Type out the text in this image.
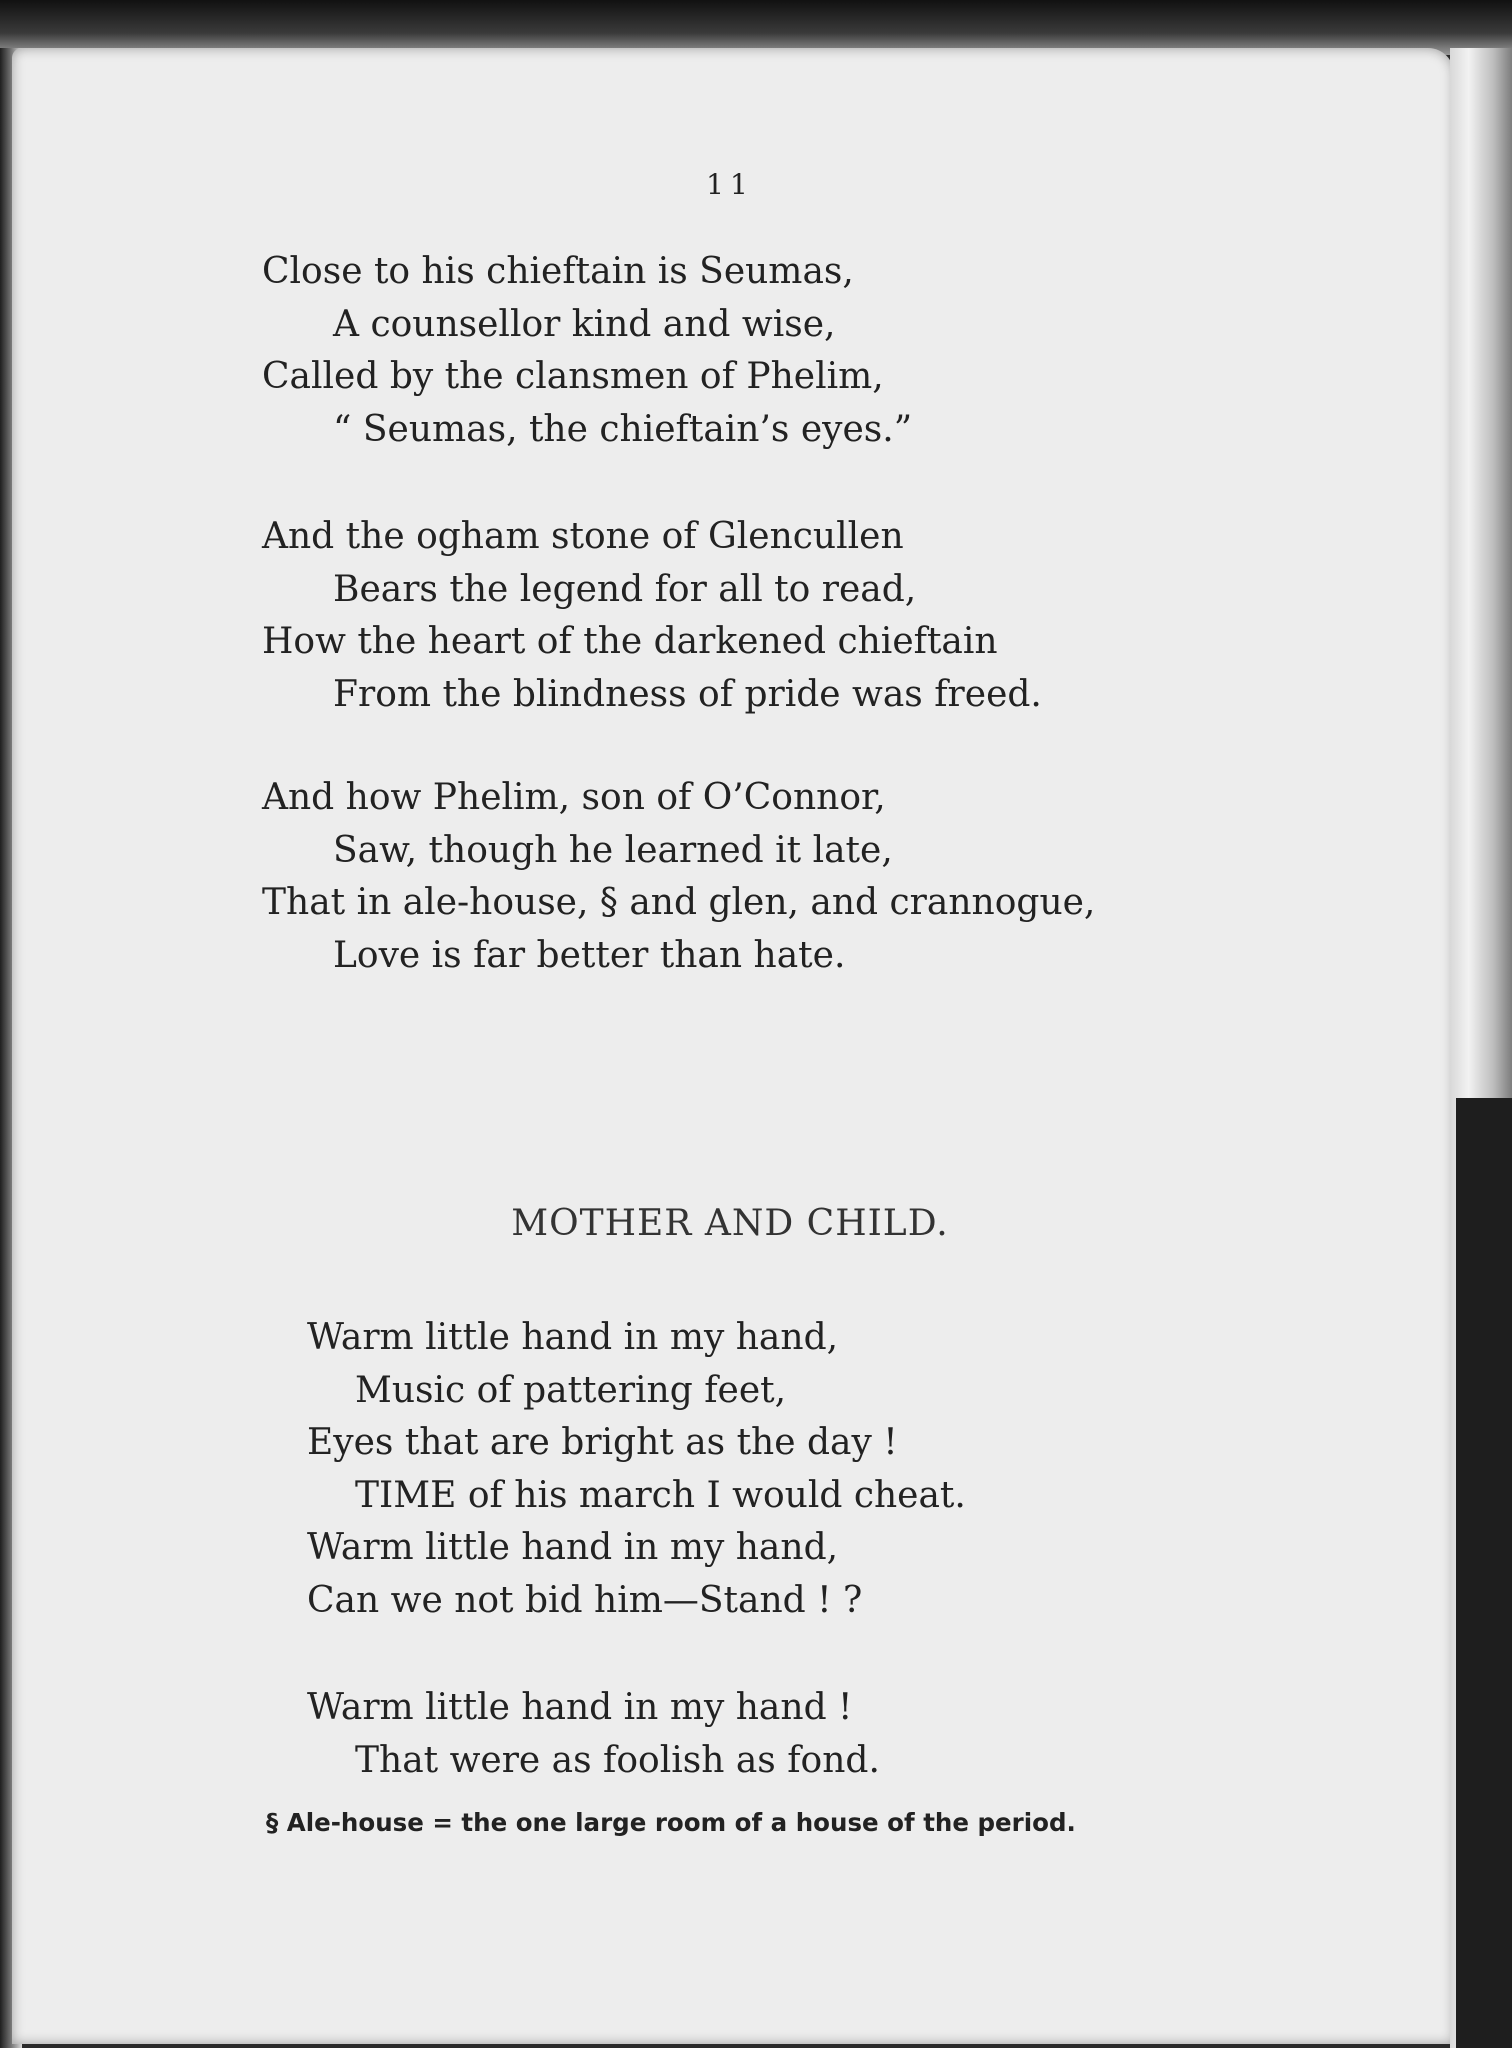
11
Close to his chieftain is Seumas,
A counsellor kind and wise,
Called by the clansmen of Phelim,
“ Seumas, the chieftain’s eyes.”
And the ogham stone of Glencullen
Bears the legend for all to read,
How the heart of the darkened chieftain
From the blindness of pride was freed.
And how Phelim, son of O’Connor,
Saw, though he learned it late,
That in ale-house, § and glen, and crannogue,
Love is far better than hate.
MOTHER AND CHILD.
Warm little hand in my hand,
Music of pattering feet,
Eyes that are bright as the day !
TIME of his march I would cheat.
Warm little hand in my hand,
Can we not bid him—Stand ! ?
Warm little hand in my hand !
That were as foolish as fond.
§ Ale-house = the one large room of a house of the period.
